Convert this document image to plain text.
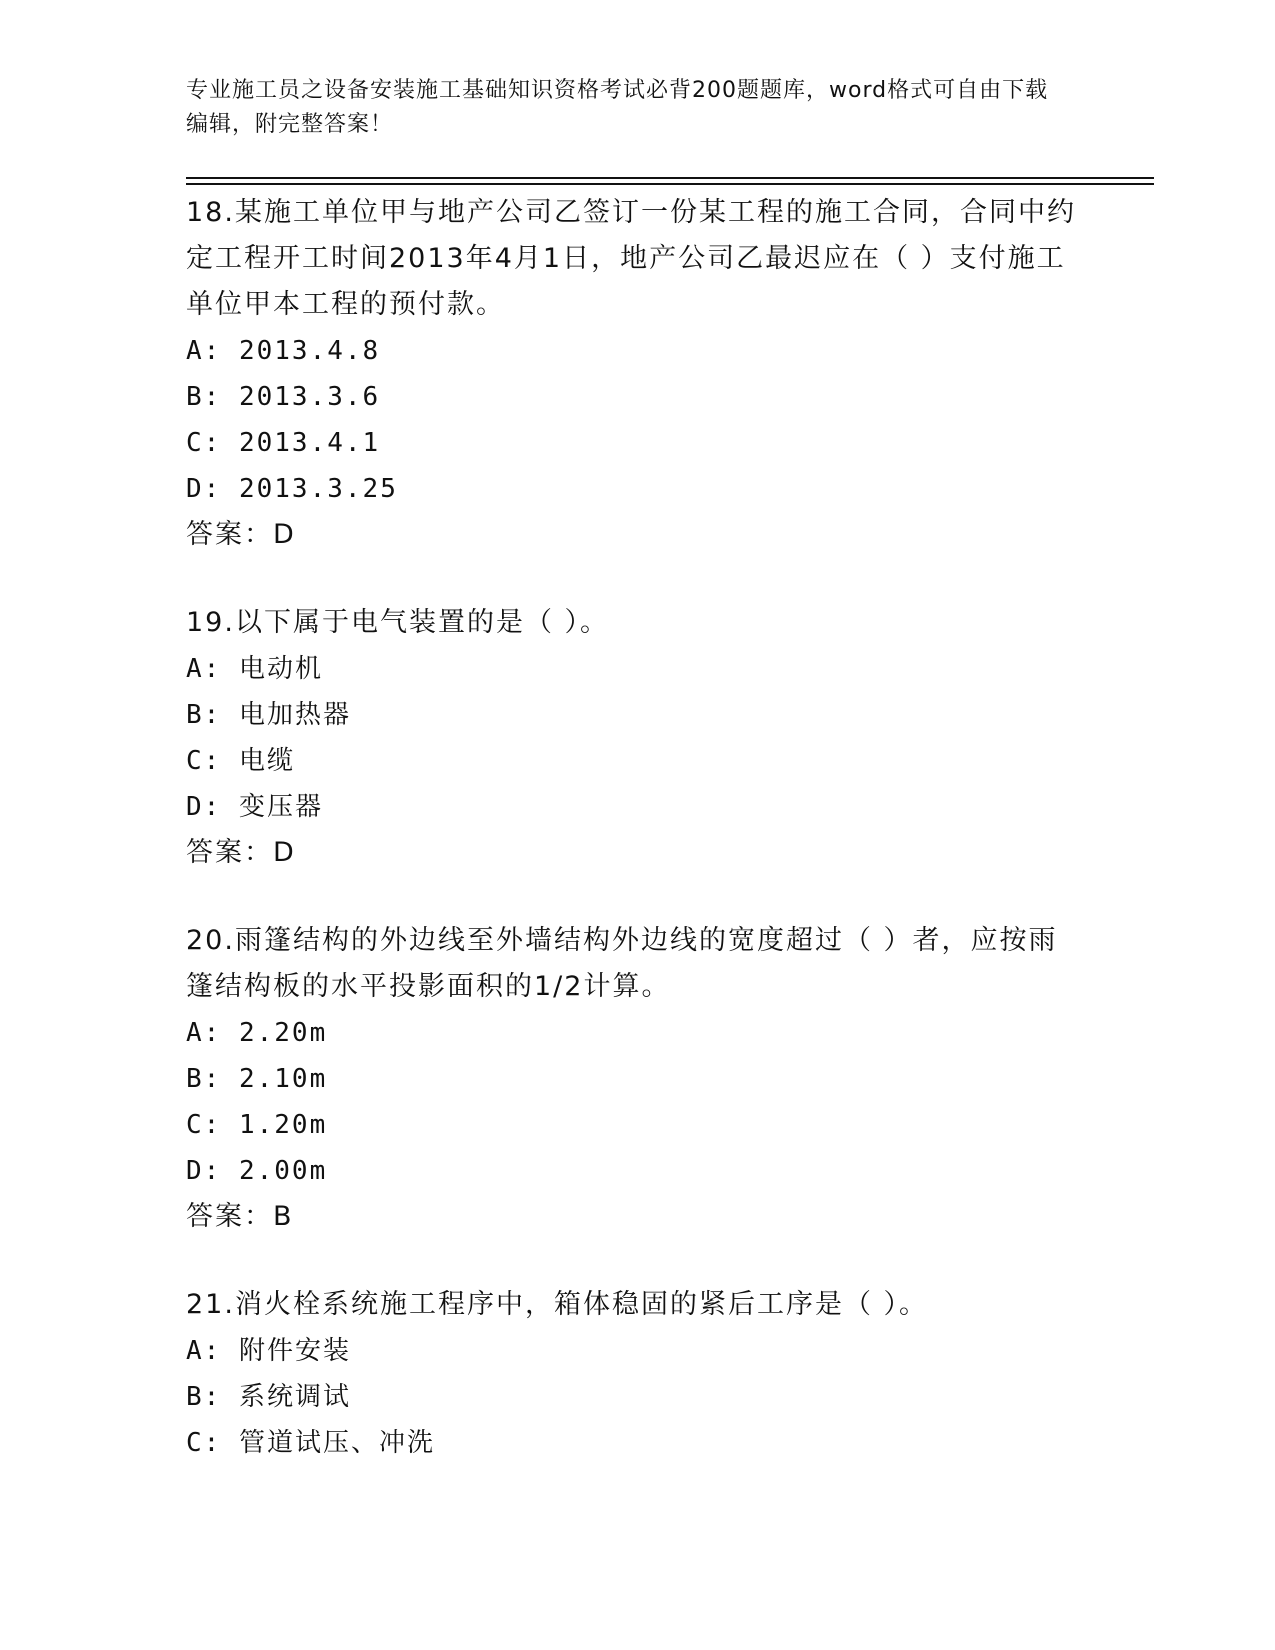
专业施工员之设备安装施工基础知识资格考试必背200题题库，word格式可自由下载编辑，附完整答案！

18.某施工单位甲与地产公司乙签订一份某工程的施工合同，合同中约定工程开工时间2013年4月1日，地产公司乙最迟应在（ ）支付施工单位甲本工程的预付款。

A: 2013.4.8

B: 2013.3.6

C: 2013.4.1

D: 2013.3.25

答案：D

19.以下属于电气装置的是（ ）。

A: 电动机

B: 电加热器

C: 电缆

D: 变压器

答案：D

20.雨篷结构的外边线至外墙结构外边线的宽度超过（ ）者，应按雨篷结构板的水平投影面积的1/2计算。

A: 2.20m

B: 2.10m

C: 1.20m

D: 2.00m

答案：B

21.消火栓系统施工程序中，箱体稳固的紧后工序是（ ）。

A: 附件安装

B: 系统调试

C: 管道试压、冲洗
